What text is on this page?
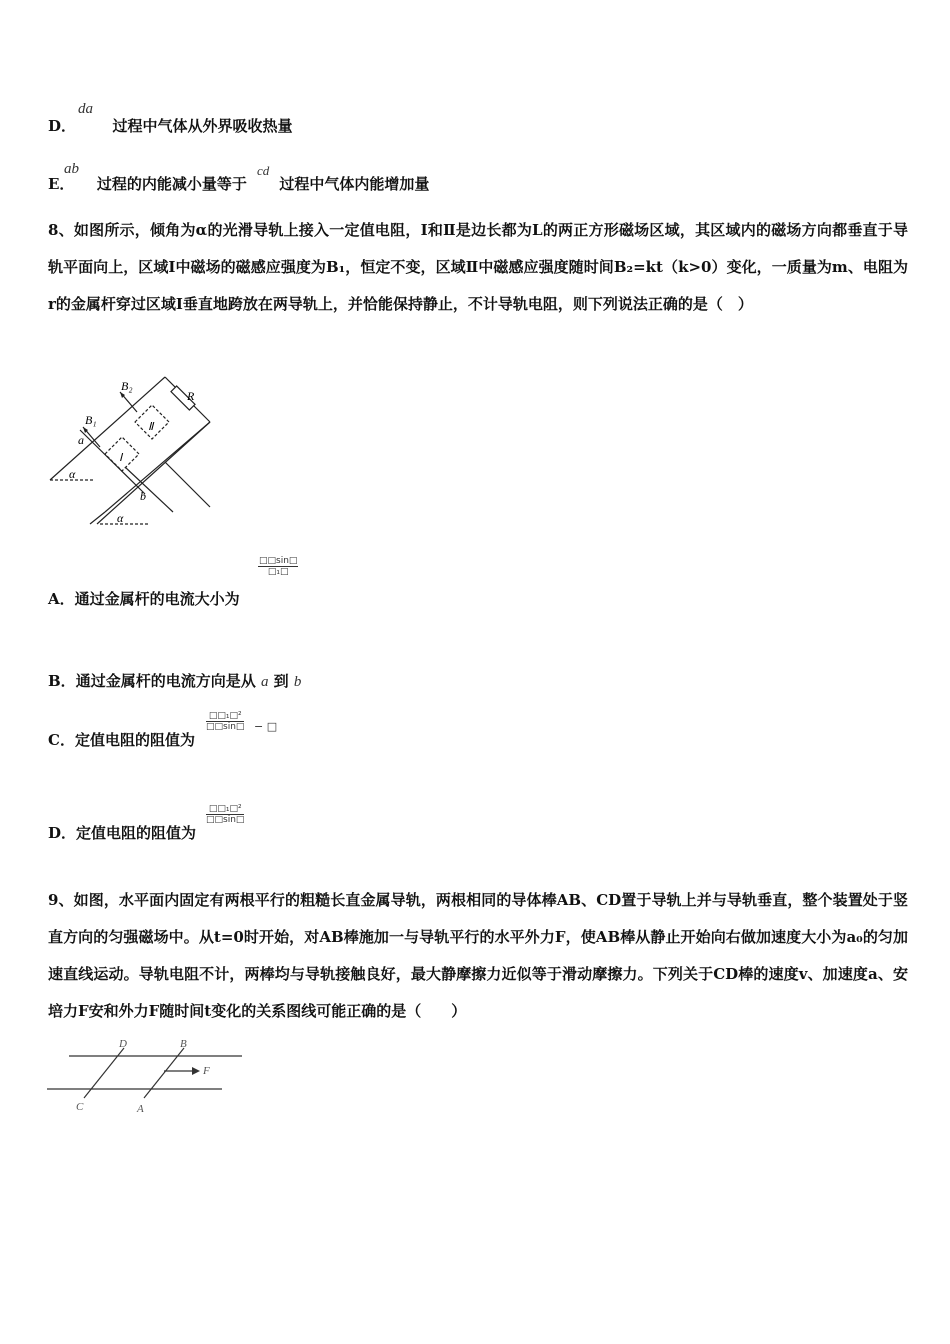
D． 过程中气体从外界吸收热量
da
E． 过程的内能减小量等于 过程中气体内能增加量
ab	cd
8、如图所示，倾角为α的光滑导轨上接入一定值电阻，Ⅰ和Ⅱ是边长都为L的两正方形磁场区域，其区域内的磁场方向都垂直于导轨平面向上，区域Ⅰ中磁场的磁感应强度为B₁，恒定不变，区域Ⅱ中磁感应强度随时间B₂=kt（k>0）变化，一质量为m、电阻为r的金属杆穿过区域Ⅰ垂直地跨放在两导轨上，并恰能保持静止，不计导轨电阻，则下列说法正确的是（　）
B₂
B₁
R
Ⅱ
Ⅰ
a
b
α
α
A．通过金属杆的电流大小为
□□sin□
□₁□
B．通过金属杆的电流方向是从 a 到 b
C．定值电阻的阻值为
□□₁□²
□□sin□ − □
D．定值电阻的阻值为
□□₁□²
□□sin□
9、如图，水平面内固定有两根平行的粗糙长直金属导轨，两根相同的导体棒AB、CD置于导轨上并与导轨垂直，整个装置处于竖直方向的匀强磁场中。从t=0时开始，对AB棒施加一与导轨平行的水平外力F，使AB棒从静止开始向右做加速度大小为a₀的匀加速直线运动。导轨电阻不计，两棒均与导轨接触良好，最大静摩擦力近似等于滑动摩擦力。下列关于CD棒的速度v、加速度a、安培力F安和外力F随时间t变化的关系图线可能正确的是（　　）
D	B
C	A
F
